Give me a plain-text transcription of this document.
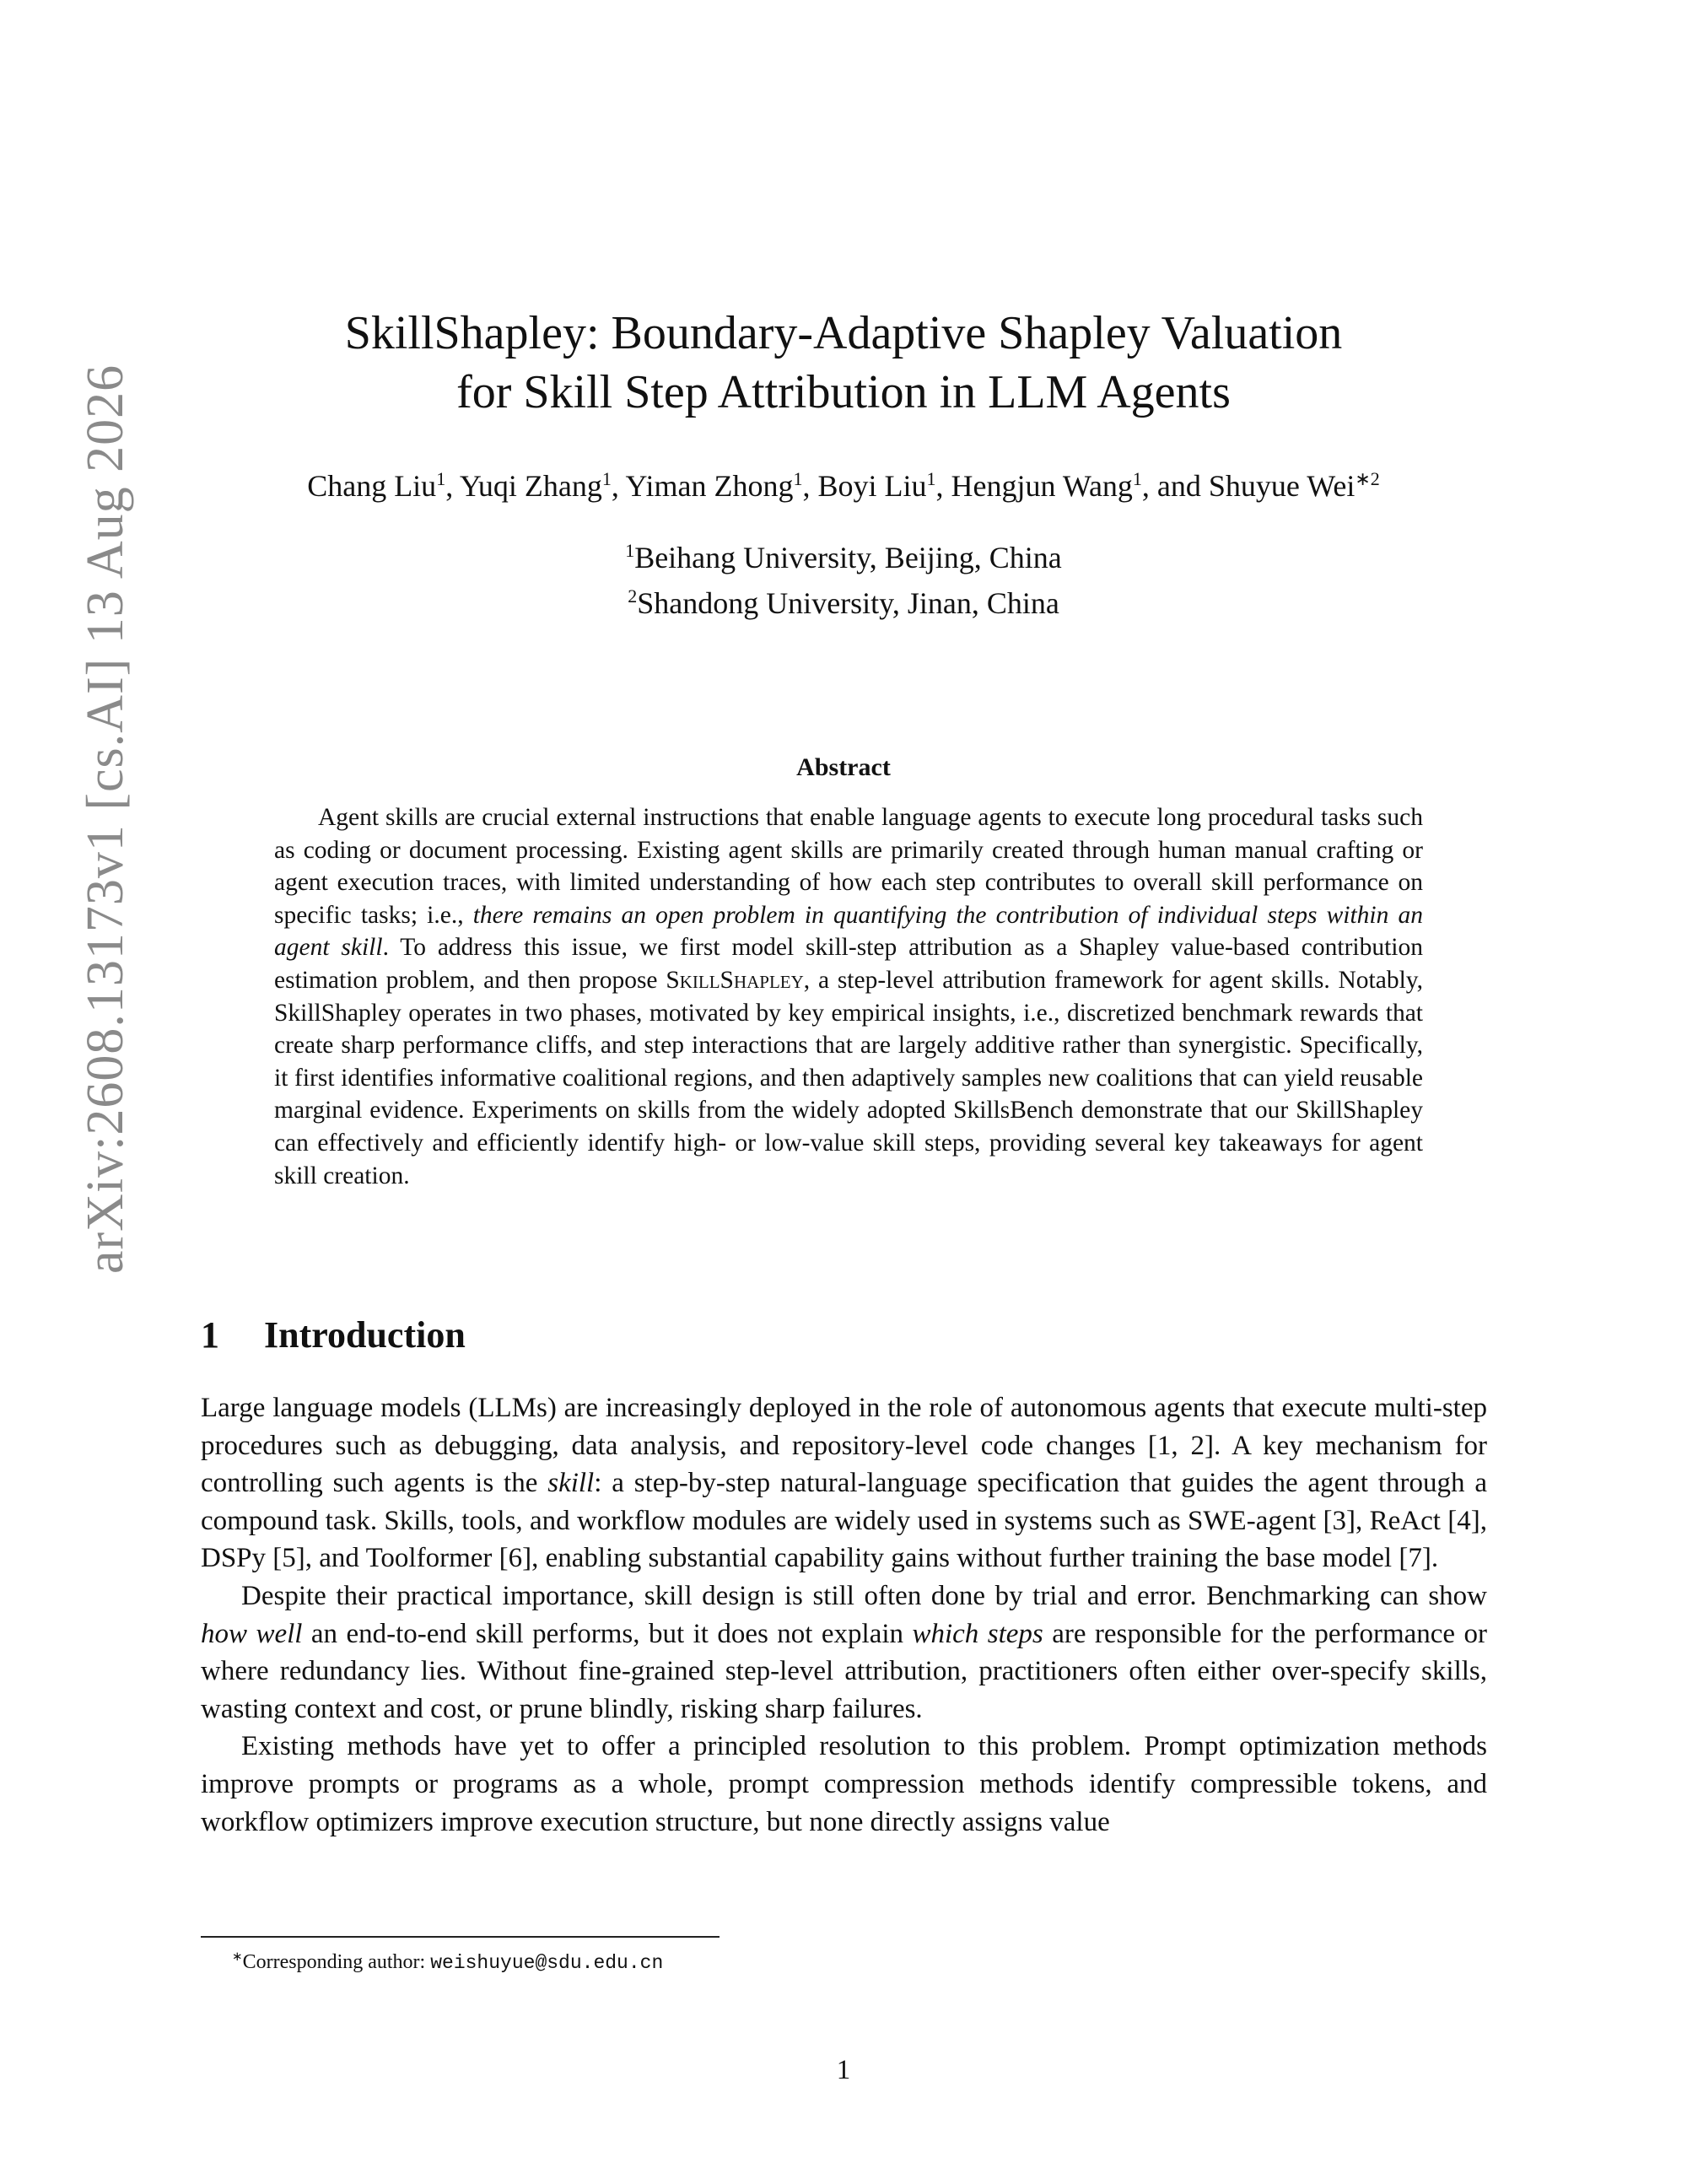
arXiv:2608.13173v1 [cs.AI] 13 Aug 2026
SkillShapley: Boundary-Adaptive Shapley Valuation
for Skill Step Attribution in LLM Agents
Chang Liu$^1$, Yuqi Zhang$^1$, Yiman Zhong$^1$, Boyi Liu$^1$, Hengjun Wang$^1$, and Shuyue Wei$^{∗2}$
$^1$Beihang University, Beijing, China
$^2$Shandong University, Jinan, China
Abstract

Agent skills are crucial external instructions that enable language agents to execute long procedural tasks such as coding or document processing. Existing agent skills are primarily created through human manual crafting or agent execution traces, with limited understanding of how each step contributes to overall skill performance on specific tasks; i.e., there remains an open problem in quantifying the contribution of individual steps within an agent skill. To address this issue, we first model skill-step attribution as a Shapley value-based contribution estimation problem, and then propose SkillShapley, a step-level attribution framework for agent skills. Notably, SkillShapley operates in two phases, motivated by key empirical insights, i.e., discretized benchmark rewards that create sharp performance cliffs, and step interactions that are largely additive rather than synergistic. Specifically, it first identifies informative coalitional regions, and then adaptively samples new coalitions that can yield reusable marginal evidence. Experiments on skills from the widely adopted SkillsBench demonstrate that our SkillShapley can effectively and efficiently identify high- or low-value skill steps, providing several key takeaways for agent skill creation.

1 Introduction

Large language models (LLMs) are increasingly deployed in the role of autonomous agents that execute multi-step procedures such as debugging, data analysis, and repository-level code changes [1, 2]. A key mechanism for controlling such agents is the skill: a step-by-step natural-language specification that guides the agent through a compound task. Skills, tools, and workflow modules are widely used in systems such as SWE-agent [3], ReAct [4], DSPy [5], and Toolformer [6], enabling substantial capability gains without further training the base model [7].

Despite their practical importance, skill design is still often done by trial and error. Benchmarking can show how well an end-to-end skill performs, but it does not explain which steps are responsible for the performance or where redundancy lies. Without fine-grained step-level attribution, practitioners often either over-specify skills, wasting context and cost, or prune blindly, risking sharp failures.

Existing methods have yet to offer a principled resolution to this problem. Prompt optimization methods improve prompts or programs as a whole, prompt compression methods identify compressible tokens, and workflow optimizers improve execution structure, but none directly assigns value

∗Corresponding author: weishuyue@sdu.edu.cn
1
